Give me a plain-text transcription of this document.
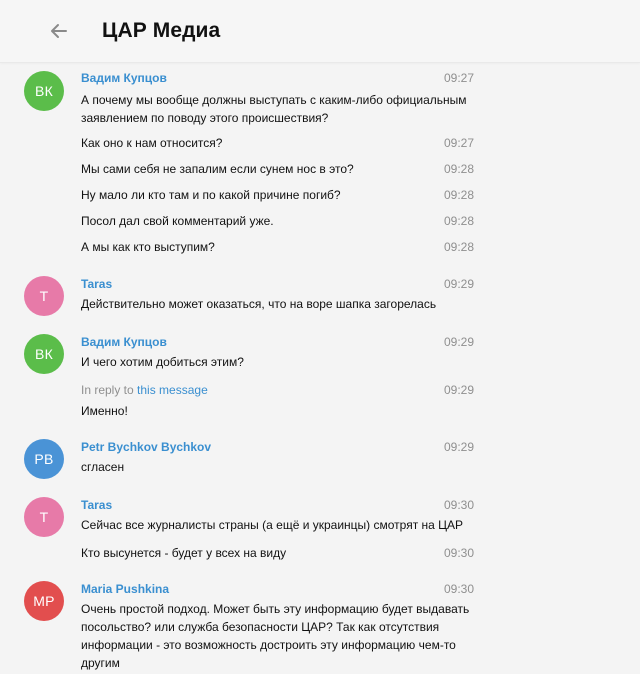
ЦАР Медиа
ВК
Вадим Купцов	09:27
А почему мы вообще должны выступать с каким-либо официальным заявлением по поводу этого происшествия?
09:27
Как оно к нам относится?
09:28
Мы сами себя не запалим если сунем нос в это?
09:28
Ну мало ли кто там и по какой причине погиб?
09:28
Посол дал свой комментарий уже.
09:28
А мы как кто выступим?
T
Taras	09:29
Действительно может оказаться, что на воре шапка загорелась
ВК
Вадим Купцов	09:29
И чего хотим добиться этим?
In reply to this message	09:29
Именно!
PB
Petr Bychkov Bychkov	09:29
сгласен
T
Taras	09:30
Сейчас все журналисты страны (а ещё и украинцы) смотрят на ЦАР
09:30
Кто высунется - будет у всех на виду
MP
Maria Pushkina	09:30
Очень простой подход. Может быть эту информацию будет выдавать посольство? или служба безопасности ЦАР? Так как отсутствия информации - это возможность достроить эту информацию чем-то другим
